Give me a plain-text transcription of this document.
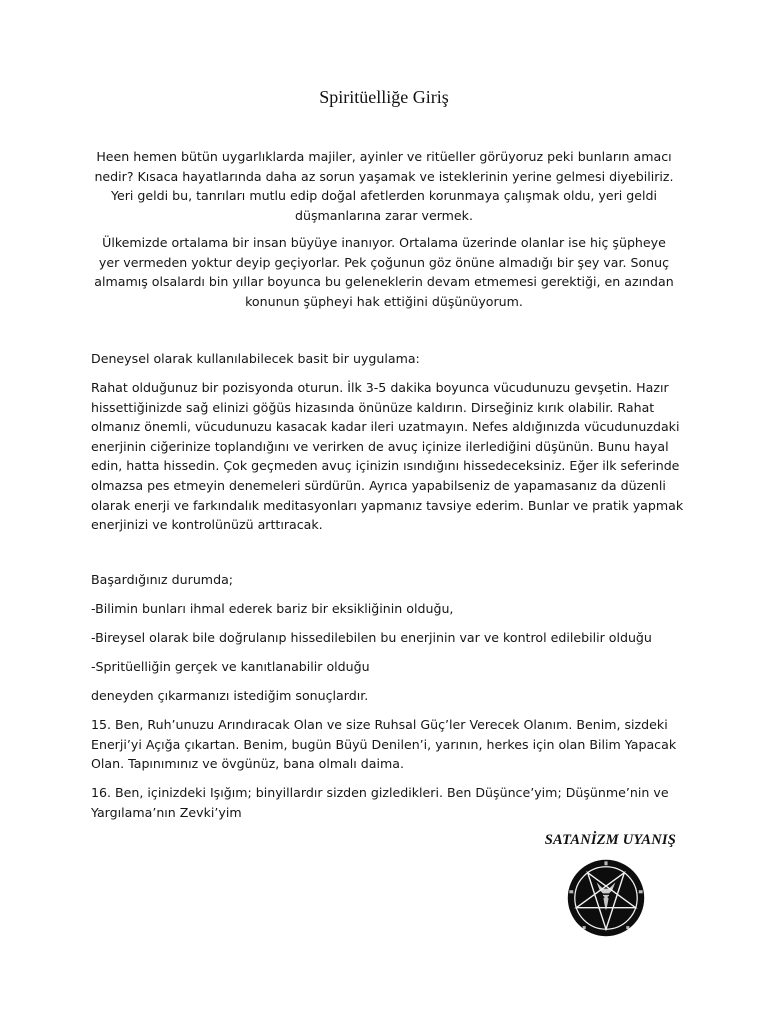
Spiritüelliğe Giriş
Heen hemen bütün uygarlıklarda majiler, ayinler ve ritüeller görüyoruz peki bunların amacı nedir? Kısaca hayatlarında daha az sorun yaşamak ve isteklerinin yerine gelmesi diyebiliriz. Yeri geldi bu, tanrıları mutlu edip doğal afetlerden korunmaya çalışmak oldu, yeri geldi düşmanlarına zarar vermek.
Ülkemizde ortalama bir insan büyüye inanıyor. Ortalama üzerinde olanlar ise hiç şüpheye yer vermeden yoktur deyip geçiyorlar. Pek çoğunun göz önüne almadığı bir şey var. Sonuç almamış olsalardı bin yıllar boyunca bu geleneklerin devam etmemesi gerektiği, en azından konunun şüpheyi hak ettiğini düşünüyorum.
Deneysel olarak kullanılabilecek basit bir uygulama:
Rahat olduğunuz bir pozisyonda oturun. İlk 3-5 dakika boyunca vücudunuzu gevşetin. Hazır hissettiğinizde sağ elinizi göğüs hizasında önünüze kaldırın. Dirseğiniz kırık olabilir. Rahat olmanız önemli, vücudunuzu kasacak kadar ileri uzatmayın. Nefes aldığınızda vücudunuzdaki enerjinin ciğerinize toplandığını ve verirken de avuç içinize ilerlediğini düşünün. Bunu hayal edin, hatta hissedin. Çok geçmeden avuç içinizin ısındığını hissedeceksiniz. Eğer ilk seferinde olmazsa pes etmeyin denemeleri sürdürün. Ayrıca yapabilseniz de yapamasanız da düzenli olarak enerji ve farkındalık meditasyonları yapmanız tavsiye ederim. Bunlar ve pratik yapmak enerjinizi ve kontrolünüzü arttıracak.
Başardığınız durumda;
-Bilimin bunları ihmal ederek bariz bir eksikliğinin olduğu,
-Bireysel olarak bile doğrulanıp hissedilebilen bu enerjinin var ve kontrol edilebilir olduğu
-Spritüelliğin gerçek ve kanıtlanabilir olduğu
deneyden çıkarmanızı istediğim sonuçlardır.
15. Ben, Ruh’unuzu Arındıracak Olan ve size Ruhsal Güç’ler Verecek Olanım. Benim, sizdeki Enerji’yi Açığa çıkartan. Benim, bugün Büyü Denilen’i, yarının, herkes için olan Bilim Yapacak Olan. Tapınımınız ve övgünüz, bana olmalı daima.
16. Ben, içinizdeki Işığım; binyillardır sizden gizledikleri. Ben Düşünce’yim; Düşünme’nin ve Yargılama’nın Zevki’yim
SATANİZM UYANIŞ
